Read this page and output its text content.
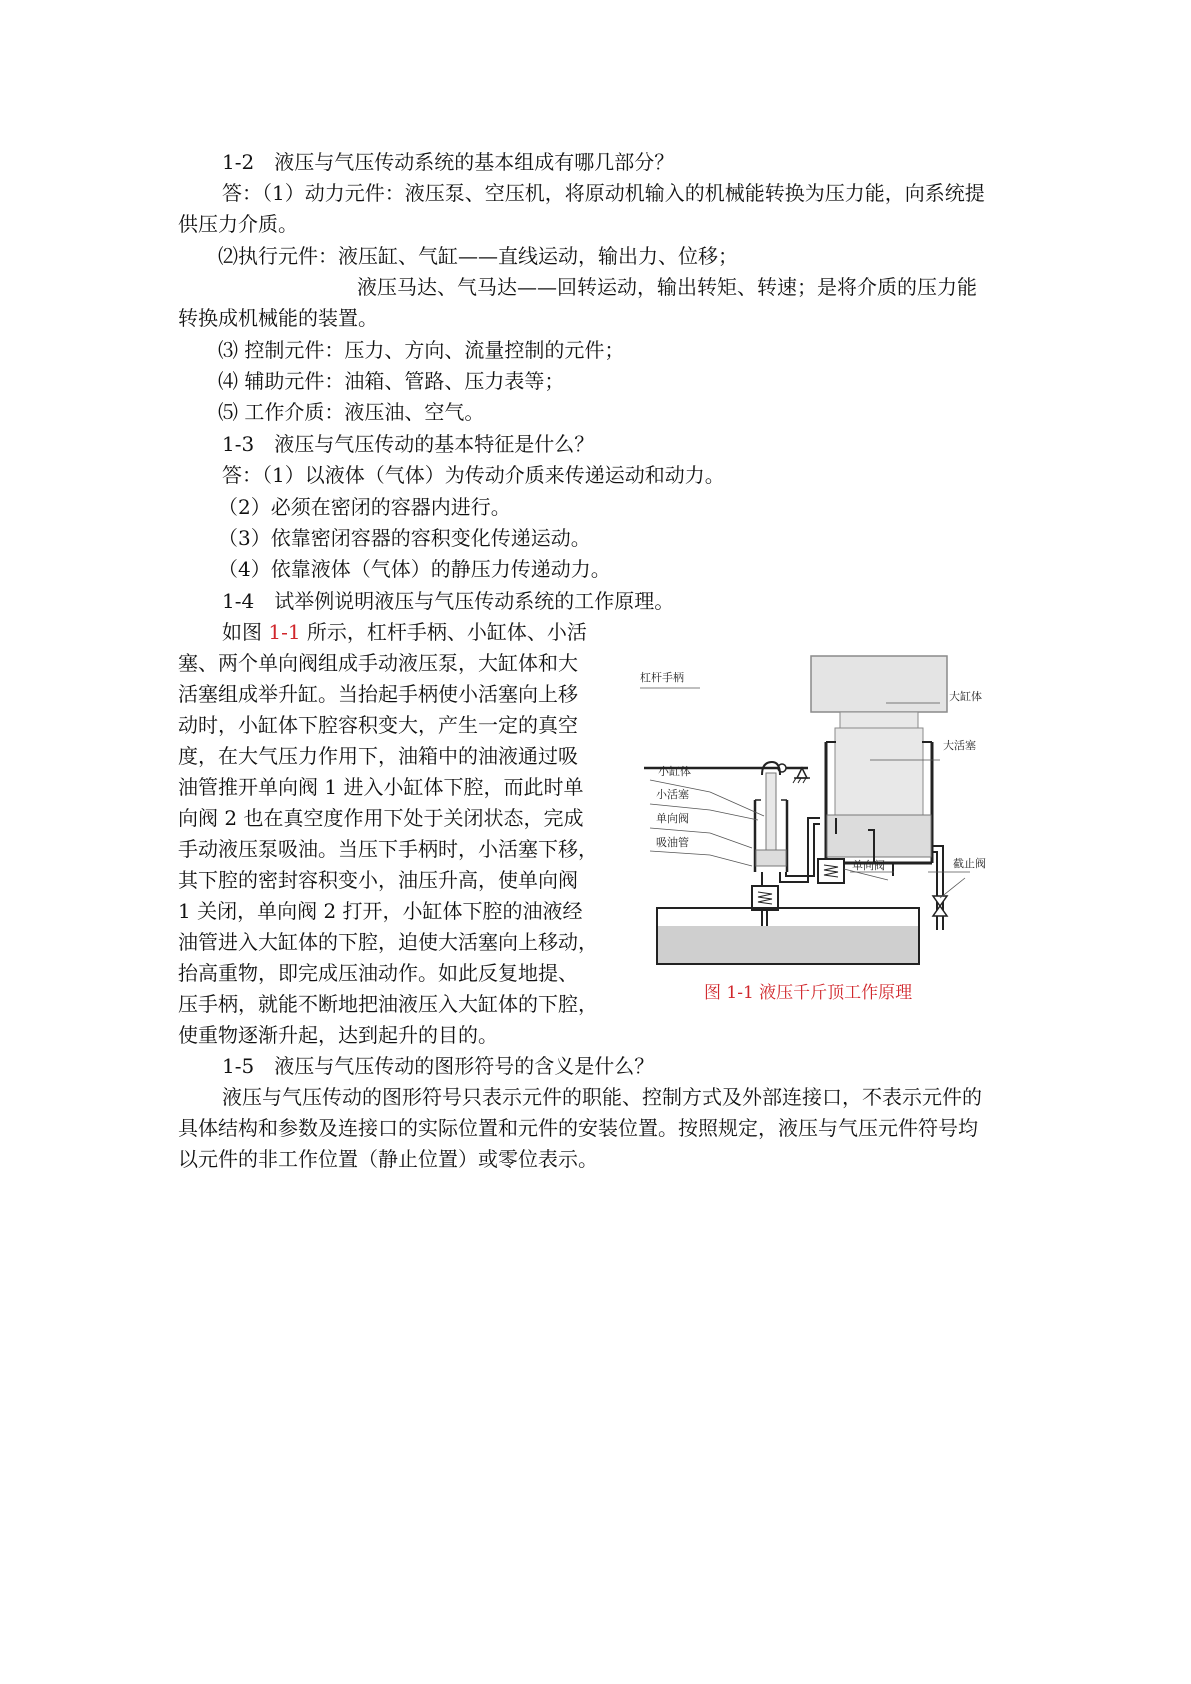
1-2　液压与气压传动系统的基本组成有哪几部分？

答：（1）动力元件：液压泵、空压机，将原动机输入的机械能转换为压力能，向系统提

供压力介质。

⑵执行元件：液压缸、气缸——直线运动，输出力、位移；

液压马达、气马达——回转运动，输出转矩、转速；是将介质的压力能

转换成机械能的装置。

⑶ 控制元件：压力、方向、流量控制的元件；

⑷ 辅助元件：油箱、管路、压力表等；

⑸ 工作介质：液压油、空气。

1-3　液压与气压传动的基本特征是什么？

答：（1）以液体（气体）为传动介质来传递运动和动力。

（2）必须在密闭的容器内进行。

（3）依靠密闭容器的容积变化传递运动。

（4）依靠液体（气体）的静压力传递动力。

1-4　试举例说明液压与气压传动系统的工作原理。

如图 1-1 所示，杠杆手柄、小缸体、小活

塞、两个单向阀组成手动液压泵，大缸体和大

活塞组成举升缸。当抬起手柄使小活塞向上移

动时，小缸体下腔容积变大，产生一定的真空

度，在大气压力作用下，油箱中的油液通过吸

油管推开单向阀 1 进入小缸体下腔，而此时单

向阀 2 也在真空度作用下处于关闭状态，完成

手动液压泵吸油。当压下手柄时，小活塞下移，

其下腔的密封容积变小，油压升高，使单向阀

1 关闭，单向阀 2 打开，小缸体下腔的油液经

油管进入大缸体的下腔，迫使大活塞向上移动，

抬高重物，即完成压油动作。如此反复地提、

压手柄，就能不断地把油液压入大缸体的下腔，

使重物逐渐升起，达到起升的目的。

1-5　液压与气压传动的图形符号的含义是什么？

液压与气压传动的图形符号只表示元件的职能、控制方式及外部连接口，不表示元件的

具体结构和参数及连接口的实际位置和元件的安装位置。按照规定，液压与气压元件符号均

以元件的非工作位置（静止位置）或零位表示。

杠杆手柄
大缸体
大活塞
小缸体
小活塞
单向阀
吸油管
单向阀	截止阀
图 1-1 液压千斤顶工作原理
